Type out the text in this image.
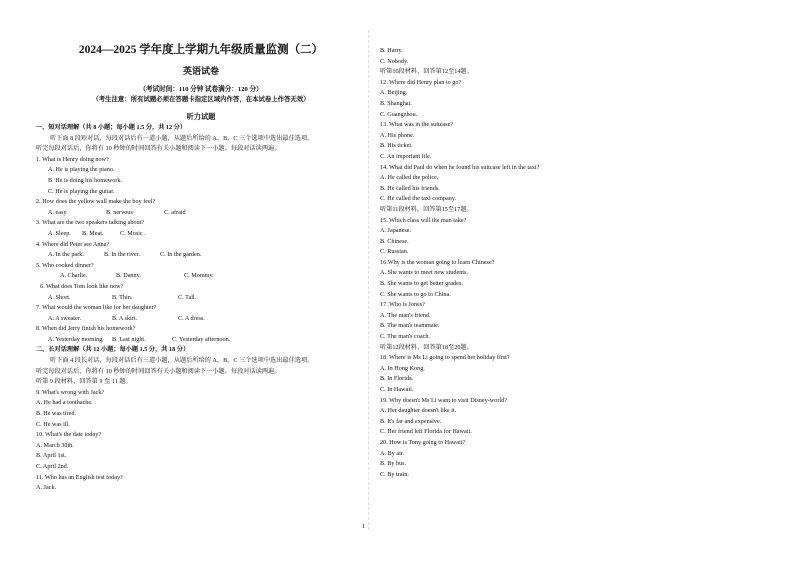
2024—2025 学年度上学期九年级质量监测（二）
英语试卷
（考试时间：110 分钟 试卷满分：120 分）
（考生注意：所有试题必须在答题卡指定区域内作答，在本试卷上作答无效）
听力试题
一、短对话理解（共 8 小题；每小题 1.5 分，共 12 分）
听下面 8 段短对话，每段对话后有一道小题，从题后所给的 A、B、C 三个选项中选出最佳选项。
听完每段对话后，你将有 10 秒钟的时间回答有关小题和阅读下一小题。每段对话读两遍。
1. What is Henry doing now?
A. He is playing the piano.
B. He is doing his homework.
C. He is playing the guitar.
2. How does the yellow wall make the boy feel?
A. easy	B. nervous	C. afraid
3. What are the two speakers talking about?
A. Sleep.	B. Meat.	C. Music .
4. Where did Peter see Anna?
A. In the park.	B. In the river.	C. In the garden.
5. Who cooked dinner?
A. Charlie.	B. Danny.	C. Mommy.
6. What does Tom look like now?
A. Short.	B. Thin.	C. Tall.
7. What would the woman like for her daughter?
A. A sweater.	B. A skirt.	C. A dress.
8. When did Jerry finish his homework?
A. Yesterday morning.	B. Last night.	C. Yesterday afternoon.
二、长对话理解（共 12 小题；每小题 1.5 分，共 18 分）
听下面 4 段长对话，每段对话后有三道小题，从题后所给的 A、B、C 三个选项中选出最佳选项。
听完每段对话后，你将有 10 秒钟的时间回答有关小题和阅读下一小题。每段对话读两遍。
听第 9 段材料，回答第 9 至 11 题。
9. What's wrong with Jack?
A. He had a toothache.
B. He was tired.
C. He was ill.
10. What's the date today?
A. March 30th.
B. April 1st.
C. April 2nd.
11. Who has an English test today?
A. Jack.
B. Harry.
C. Nobody.
听第10段材料，回答第12至14题。
12. Where did Henry plan to go?
A. Beijing.
B. Shanghai.
C. Guangzhou.
13. What was in the suitcase?
A. His phone.
B. His ticket.
C. An important file.
14. What did Paul do when he found his suitcase left in the taxi?
A. He called the police.
B. He called his friends.
C. He called the taxi company.
听第11段材料，回答第15至17题。
15. Which class will the man take?
A. Japanese.
B. Chinese.
C. Russian.
16.Why is the woman going to learn Chinese?
A. She wants to meet new students.
B. She wants to get better grades.
C. She wants to go to China.
17. Who is Jones?
A. The man's friend.
B. The man's teammate.
C. The man's coach.
听第12段材料，回答第18至20题。
18. Where is Ms Li going to spend her holiday first?
A. In Hong Kong.
B. In Florida.
C. In Hawaii.
19. Why doesn't Ms Li want to visit Disney-world?
A. Her daughter doesn't like it.
B. It's far and expensive.
C. Her friend left Florida for Hawaii.
20. How is Tony going to Hawaii?
A. By air.
B. By bus.
C. By train.
1
